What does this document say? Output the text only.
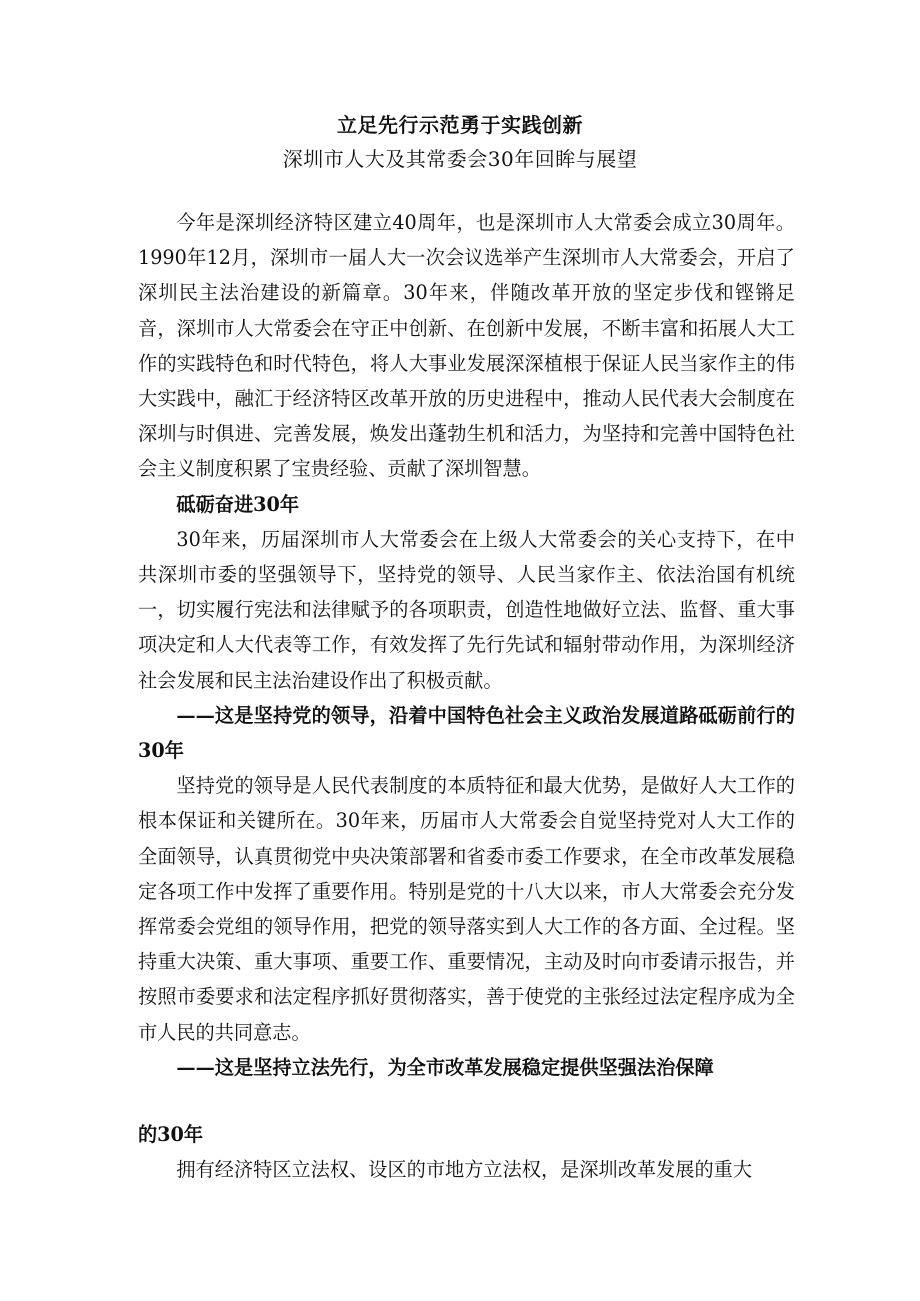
立足先行示范勇于实践创新
深圳市人大及其常委会30年回眸与展望

今年是深圳经济特区建立40周年，也是深圳市人大常委会成立30周年。1990年12月，深圳市一届人大一次会议选举产生深圳市人大常委会，开启了深圳民主法治建设的新篇章。30年来，伴随改革开放的坚定步伐和铿锵足音，深圳市人大常委会在守正中创新、在创新中发展，不断丰富和拓展人大工作的实践特色和时代特色，将人大事业发展深深植根于保证人民当家作主的伟大实践中，融汇于经济特区改革开放的历史进程中，推动人民代表大会制度在深圳与时俱进、完善发展，焕发出蓬勃生机和活力，为坚持和完善中国特色社会主义制度积累了宝贵经验、贡献了深圳智慧。

砥砺奋进30年

30年来，历届深圳市人大常委会在上级人大常委会的关心支持下，在中共深圳市委的坚强领导下，坚持党的领导、人民当家作主、依法治国有机统一，切实履行宪法和法律赋予的各项职责，创造性地做好立法、监督、重大事项决定和人大代表等工作，有效发挥了先行先试和辐射带动作用，为深圳经济社会发展和民主法治建设作出了积极贡献。

——这是坚持党的领导，沿着中国特色社会主义政治发展道路砥砺前行的30年

坚持党的领导是人民代表制度的本质特征和最大优势，是做好人大工作的根本保证和关键所在。30年来，历届市人大常委会自觉坚持党对人大工作的全面领导，认真贯彻党中央决策部署和省委市委工作要求，在全市改革发展稳定各项工作中发挥了重要作用。特别是党的十八大以来，市人大常委会充分发挥常委会党组的领导作用，把党的领导落实到人大工作的各方面、全过程。坚持重大决策、重大事项、重要工作、重要情况，主动及时向市委请示报告，并按照市委要求和法定程序抓好贯彻落实，善于使党的主张经过法定程序成为全市人民的共同意志。

——这是坚持立法先行，为全市改革发展稳定提供坚强法治保障

的30年

拥有经济特区立法权、设区的市地方立法权，是深圳改革发展的重大
